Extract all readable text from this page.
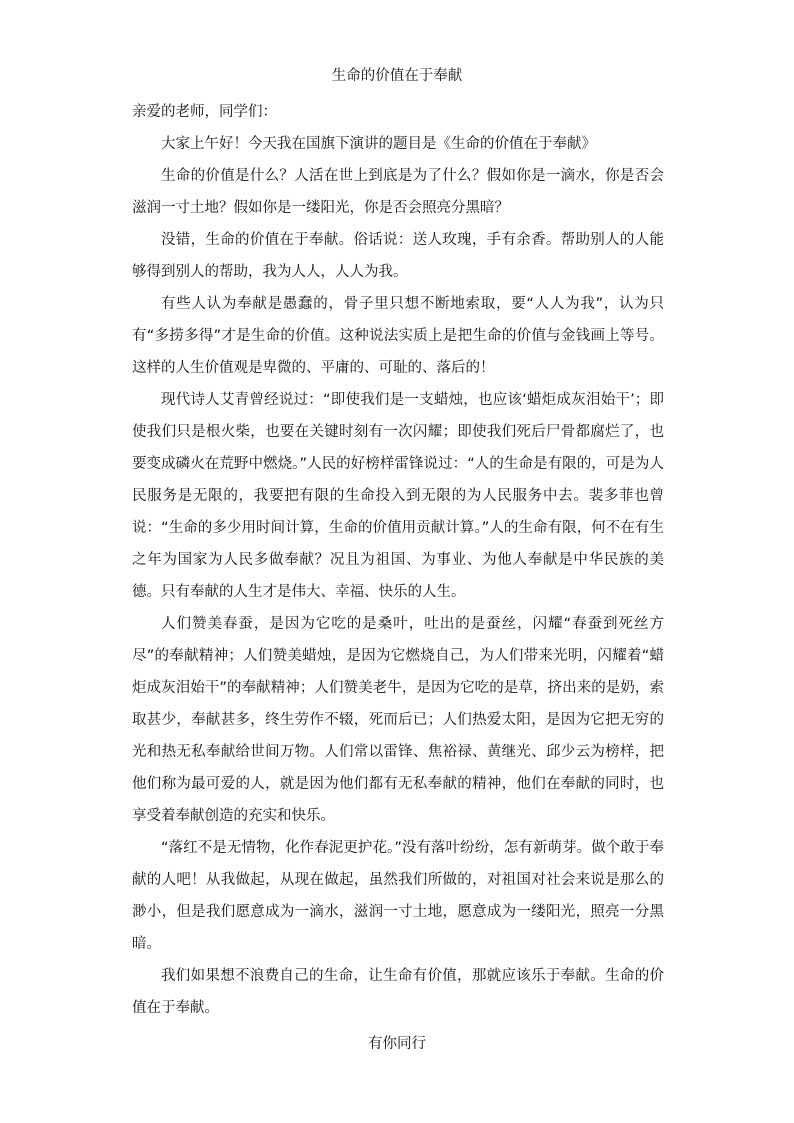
生命的价值在于奉献

亲爱的老师，同学们：

大家上午好！今天我在国旗下演讲的题目是《生命的价值在于奉献》

生命的价值是什么？人活在世上到底是为了什么？假如你是一滴水，你是否会滋润一寸土地？假如你是一缕阳光，你是否会照亮分黑暗？

没错，生命的价值在于奉献。俗话说：送人玫瑰，手有余香。帮助别人的人能够得到别人的帮助，我为人人，人人为我。

有些人认为奉献是愚蠢的，骨子里只想不断地索取，要“人人为我”，认为只有“多捞多得”才是生命的价值。这种说法实质上是把生命的价值与金钱画上等号。这样的人生价值观是卑微的、平庸的、可耻的、落后的！

现代诗人艾青曾经说过：“即使我们是一支蜡烛，也应该‘蜡炬成灰泪始干’；即使我们只是根火柴，也要在关键时刻有一次闪耀；即使我们死后尸骨都腐烂了，也要变成磷火在荒野中燃烧。”人民的好榜样雷锋说过：“人的生命是有限的，可是为人民服务是无限的，我要把有限的生命投入到无限的为人民服务中去。裴多菲也曾说：“生命的多少用时间计算，生命的价值用贡献计算。”人的生命有限，何不在有生之年为国家为人民多做奉献？况且为祖国、为事业、为他人奉献是中华民族的美德。只有奉献的人生才是伟大、幸福、快乐的人生。

人们赞美春蚕，是因为它吃的是桑叶，吐出的是蚕丝，闪耀“春蚕到死丝方尽”的奉献精神；人们赞美蜡烛，是因为它燃烧自己，为人们带来光明，闪耀着“蜡炬成灰泪始干”的奉献精神；人们赞美老牛，是因为它吃的是草，挤出来的是奶，索取甚少，奉献甚多，终生劳作不辍，死而后已；人们热爱太阳，是因为它把无穷的光和热无私奉献给世间万物。人们常以雷锋、焦裕禄、黄继光、邱少云为榜样，把他们称为最可爱的人，就是因为他们都有无私奉献的精神，他们在奉献的同时，也享受着奉献创造的充实和快乐。

“落红不是无情物，化作春泥更护花。”没有落叶纷纷，怎有新萌芽。做个敢于奉献的人吧！从我做起，从现在做起，虽然我们所做的，对祖国对社会来说是那么的渺小，但是我们愿意成为一滴水，滋润一寸土地，愿意成为一缕阳光，照亮一分黑暗。

我们如果想不浪费自己的生命，让生命有价值，那就应该乐于奉献。生命的价值在于奉献。

有你同行
